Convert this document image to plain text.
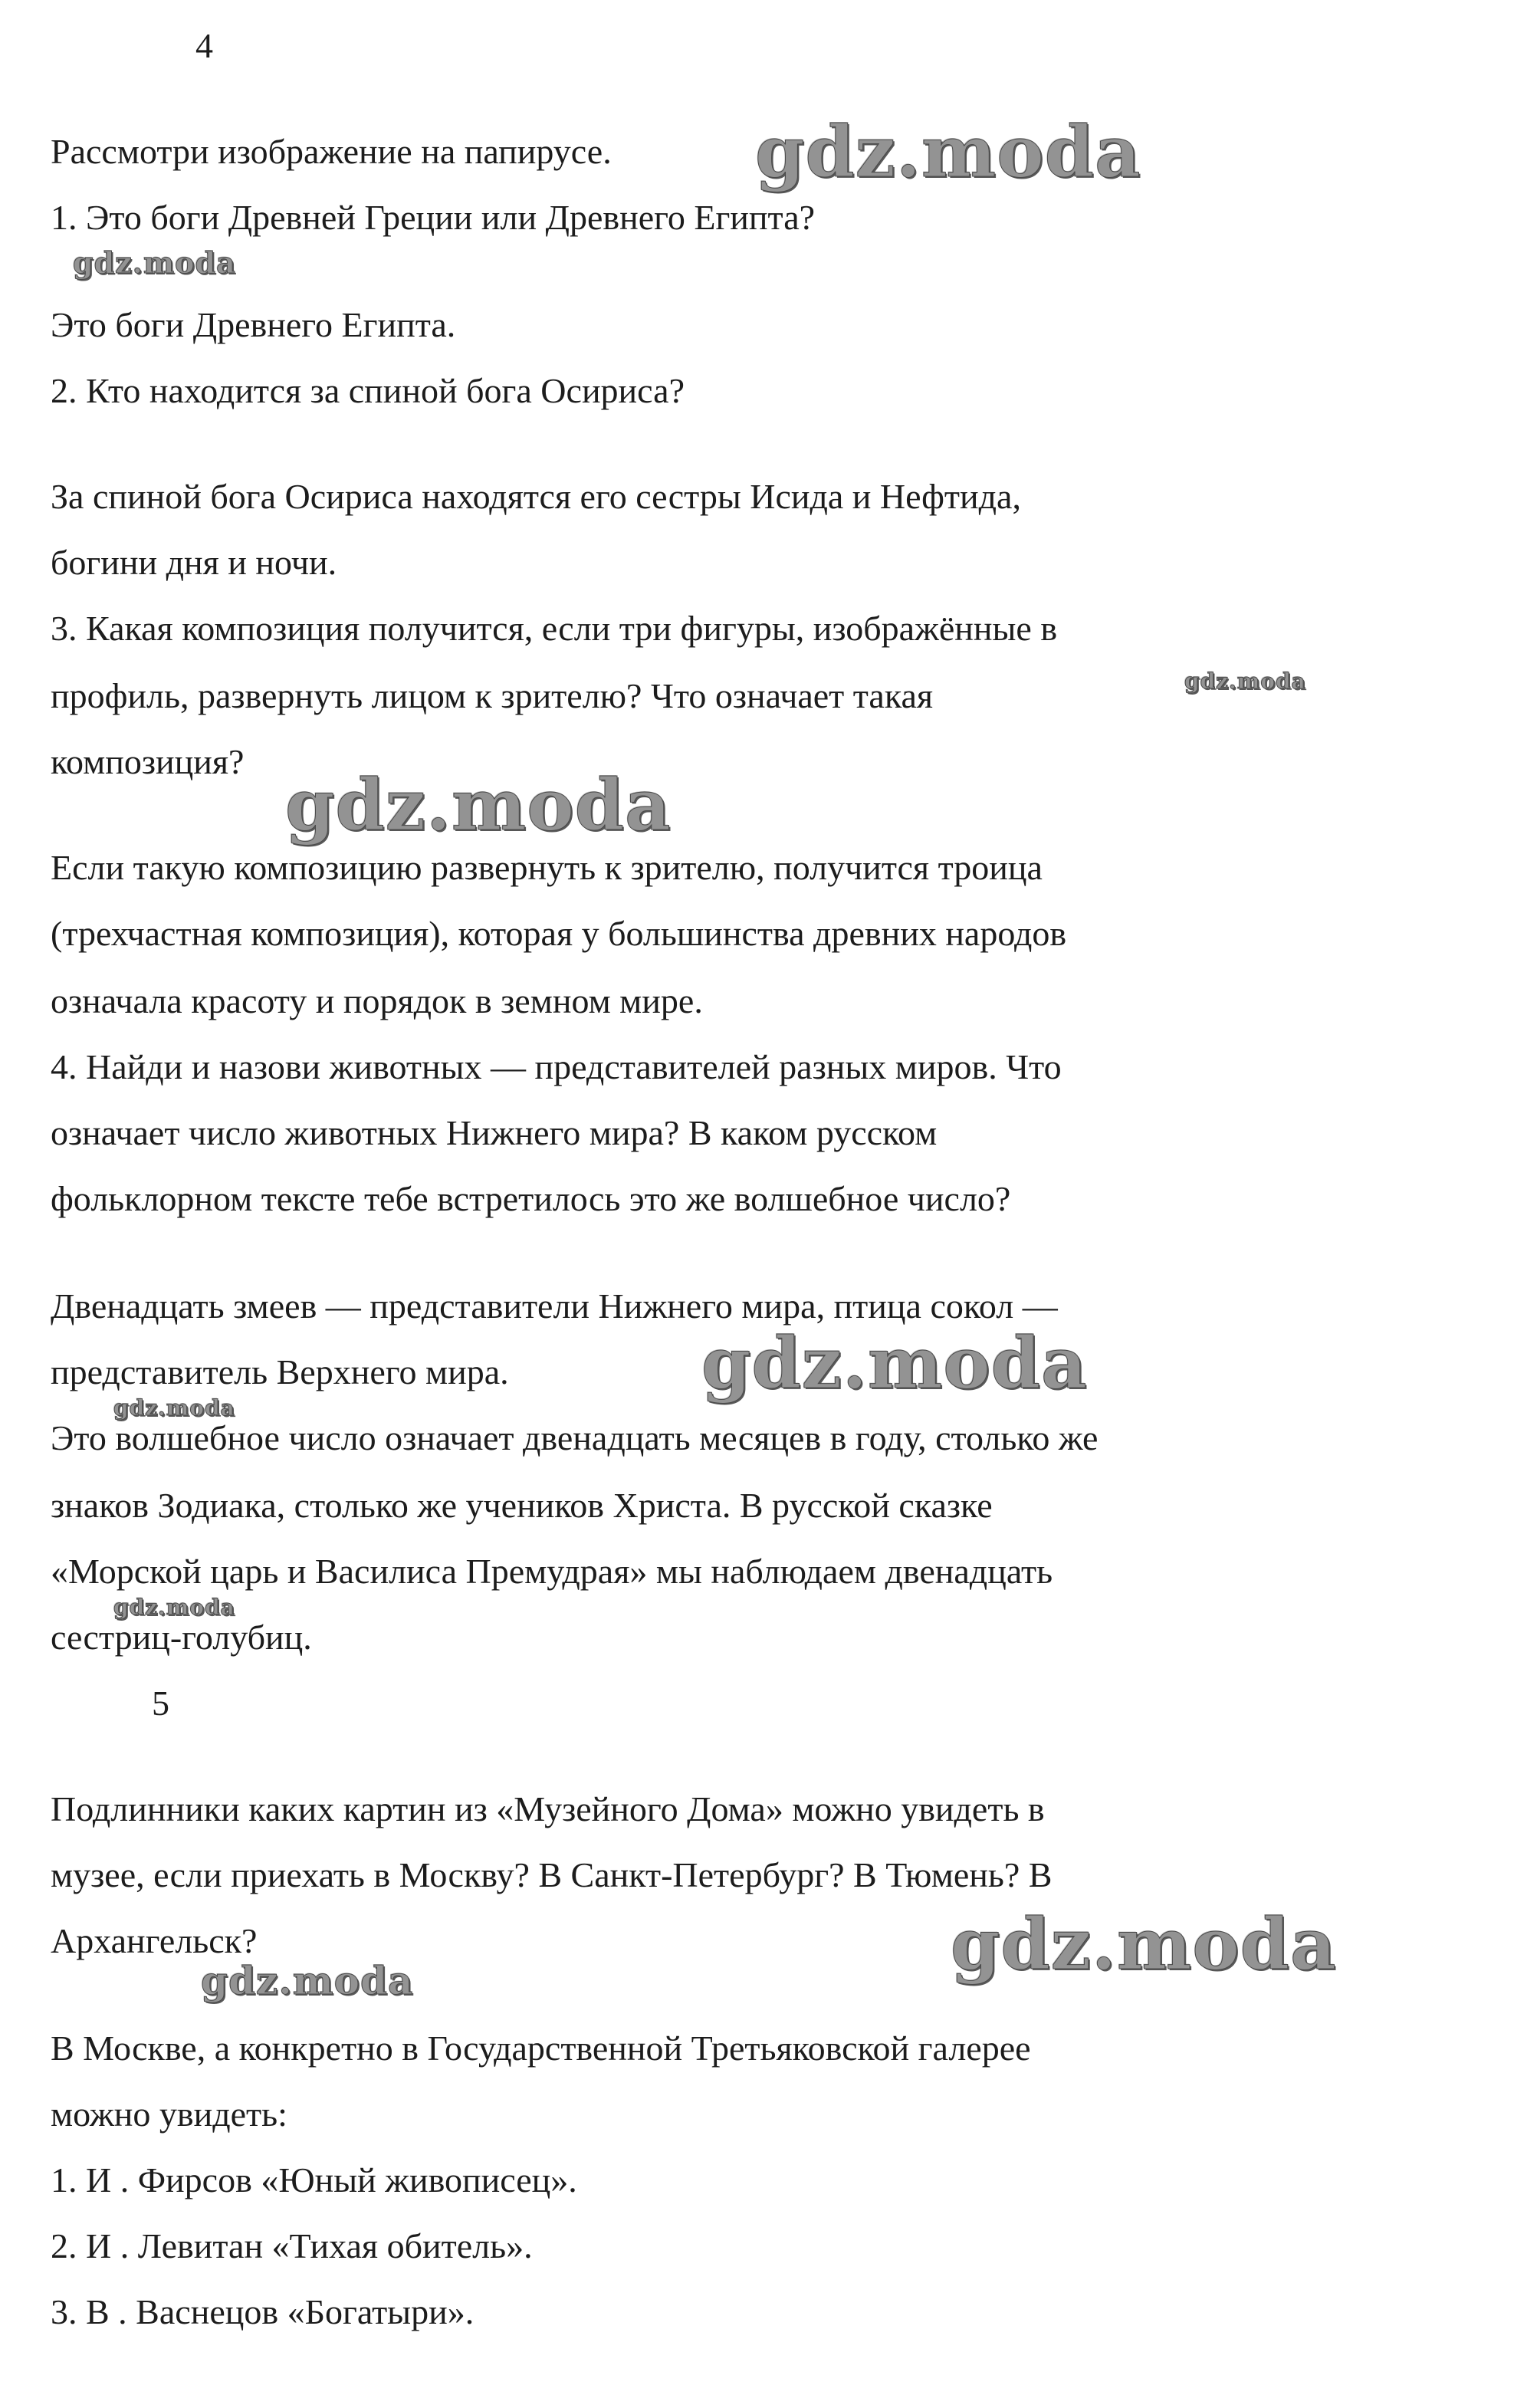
4

Рассмотри изображение на папирусе.

1. Это боги Древней Греции или Древнего Египта?

Это боги Древнего Египта.

2. Кто находится за спиной бога Осириса?

За спиной бога Осириса находятся его сестры Исида и Нефтида,

богини дня и ночи.

3. Какая композиция получится, если три фигуры, изображённые в

профиль, развернуть лицом к зрителю? Что означает такая

композиция?

Если такую композицию развернуть к зрителю, получится троица

(трехчастная композиция), которая у большинства древних народов

означала красоту и порядок в земном мире.

4. Найди и назови животных — представителей разных миров. Что

означает число животных Нижнего мира? В каком русском

фольклорном тексте тебе встретилось это же волшебное число?

Двенадцать змеев — представители Нижнего мира, птица сокол —

представитель Верхнего мира.

Это волшебное число означает двенадцать месяцев в году, столько же

знаков Зодиака, столько же учеников Христа. В русской сказке

«Морской царь и Василиса Премудрая» мы наблюдаем двенадцать

сестриц-голубиц.

5

Подлинники каких картин из «Музейного Дома» можно увидеть в

музее, если приехать в Москву? В Санкт-Петербург? В Тюмень? В

Архангельск?

В Москве, а конкретно в Государственной Третьяковской галерее

можно увидеть:

1. И . Фирсов «Юный живописец».

2. И . Левитан «Тихая обитель».

3. В . Васнецов «Богатыри».

gdz.moda
gdz.moda
gdz.moda
gdz.moda
gdz.moda
gdz.moda
gdz.moda
gdz.moda
gdz.moda
